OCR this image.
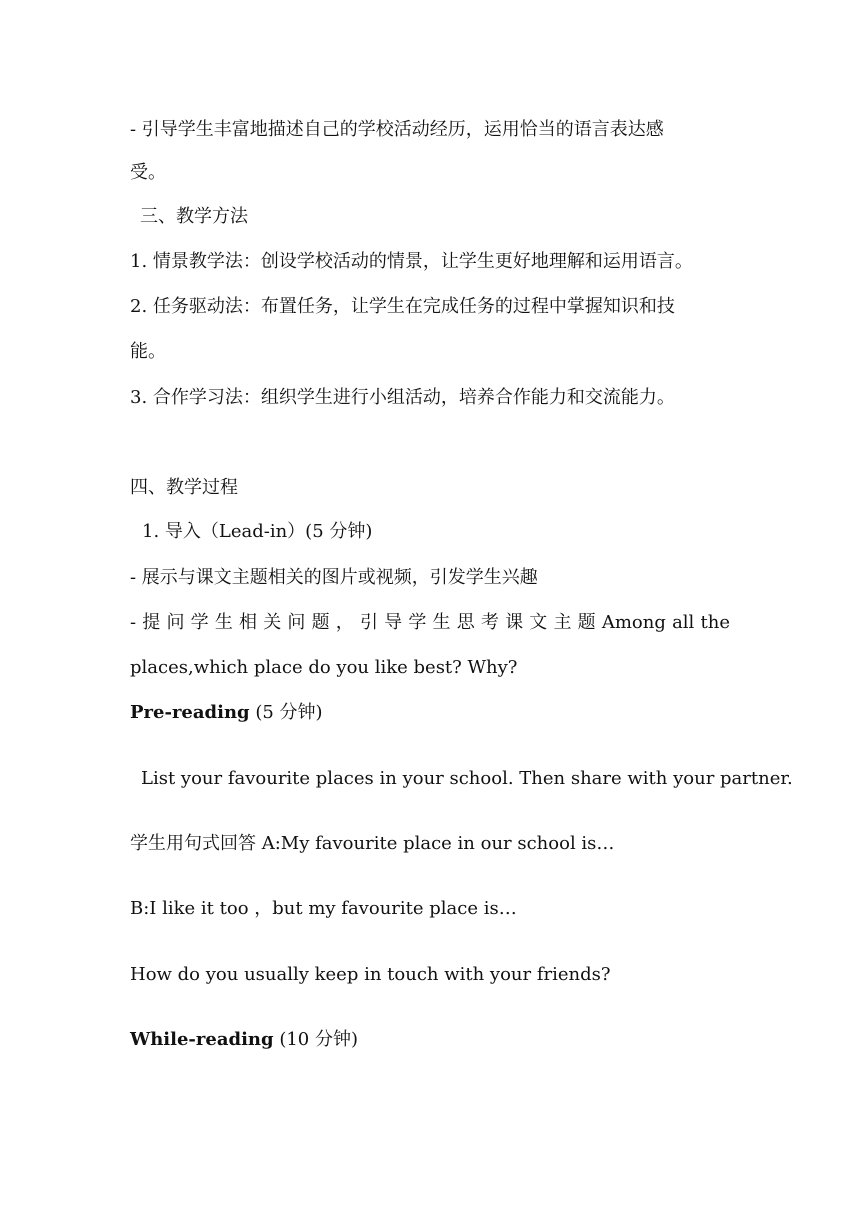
- 引导学生丰富地描述自己的学校活动经历，运用恰当的语言表达感
受。
三、教学方法
1. 情景教学法：创设学校活动的情景，让学生更好地理解和运用语言。
2. 任务驱动法：布置任务，让学生在完成任务的过程中掌握知识和技
能。
3. 合作学习法：组织学生进行小组活动，培养合作能力和交流能力。
四、教学过程
1. 导入（Lead-in）(5 分钟)
- 展示与课文主题相关的图片或视频，引发学生兴趣
- 提 问 学 生 相 关 问 题 ， 引 导 学 生 思 考 课 文 主 题 Among all the
places,which place do you like best? Why?
Pre-reading (5 分钟)
List your favourite places in your school. Then share with your partner.
学生用句式回答 A:My favourite place in our school is…
B:I like it too ，but my favourite place is…
How do you usually keep in touch with your friends?
While-reading (10 分钟)
